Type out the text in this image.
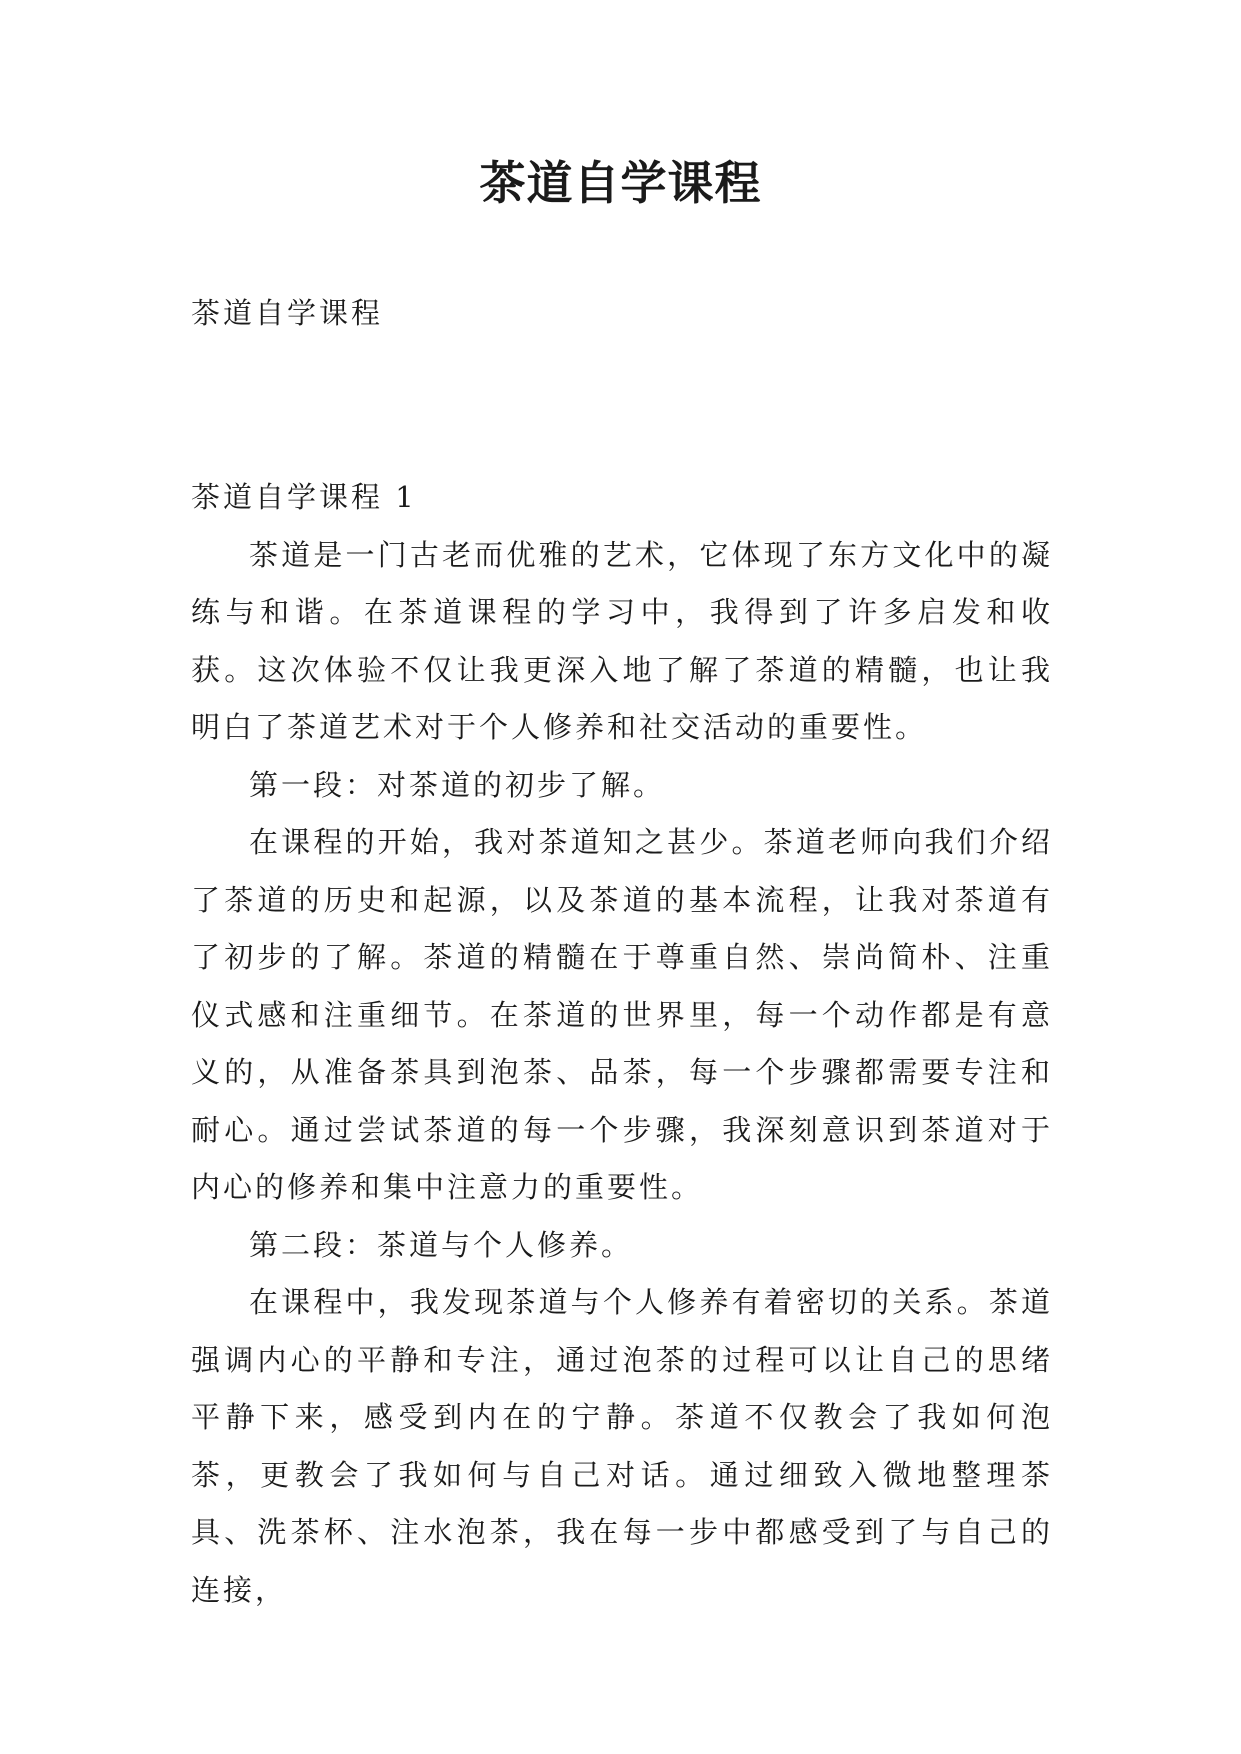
茶道自学课程

茶道自学课程

茶道自学课程 1

茶道是一门古老而优雅的艺术，它体现了东方文化中的凝练与和谐。在茶道课程的学习中，我得到了许多启发和收获。这次体验不仅让我更深入地了解了茶道的精髓，也让我明白了茶道艺术对于个人修养和社交活动的重要性。

第一段：对茶道的初步了解。

在课程的开始，我对茶道知之甚少。茶道老师向我们介绍了茶道的历史和起源，以及茶道的基本流程，让我对茶道有了初步的了解。茶道的精髓在于尊重自然、崇尚简朴、注重仪式感和注重细节。在茶道的世界里，每一个动作都是有意义的，从准备茶具到泡茶、品茶，每一个步骤都需要专注和耐心。通过尝试茶道的每一个步骤，我深刻意识到茶道对于内心的修养和集中注意力的重要性。

第二段：茶道与个人修养。

在课程中，我发现茶道与个人修养有着密切的关系。茶道强调内心的平静和专注，通过泡茶的过程可以让自己的思绪平静下来，感受到内在的宁静。茶道不仅教会了我如何泡茶，更教会了我如何与自己对话。通过细致入微地整理茶具、洗茶杯、注水泡茶，我在每一步中都感受到了与自己的连接，
